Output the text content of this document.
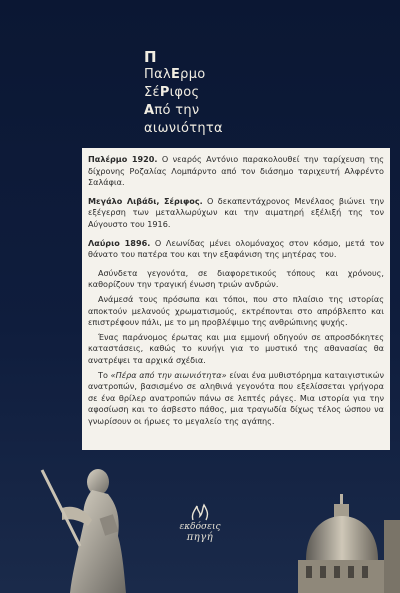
Π
ΠαλΕρμο
ΣέΡιφος
Από την
αιωνιότητα

Παλέρμο 1920. Ο νεαρός Αντόνιο παρακολουθεί την ταρίχευση της δίχρονης Ροζαλίας Λομπάρντο από τον διάσημο ταριχευτή Αλφρέντο Σαλάφια.

Μεγάλο Λιβάδι, Σέριφος. Ο δεκαπεντάχρονος Μενέλαος βιώνει την εξέγερση των μεταλλωρύχων και την αιματηρή εξέλιξή της τον Αύγουστο του 1916.

Λαύριο 1896. Ο Λεωνίδας μένει ολομόναχος στον κόσμο, μετά τον θάνατο του πατέρα του και την εξαφάνιση της μητέρας του.

Ασύνδετα γεγονότα, σε διαφορετικούς τόπους και χρόνους, καθορίζουν την τραγική ένωση τριών ανδρών.

Ανάμεσά τους πρόσωπα και τόποι, που στο πλαίσιο της ιστορίας αποκτούν μελανούς χρωματισμούς, εκτρέπονται στο απρόβλεπτο και επιστρέφουν πάλι, με το μη προβλέψιμο της ανθρώπινης ψυχής.

Ένας παράνομος έρωτας και μια εμμονή οδηγούν σε απροσδόκητες καταστάσεις, καθώς το κυνήγι για το μυστικό της αθανασίας θα ανατρέψει τα αρχικά σχέδια.

Το «Πέρα από την αιωνιότητα» είναι ένα μυθιστόρημα καταιγιστικών ανατροπών, βασισμένο σε αληθινά γεγονότα που εξελίσσεται γρήγορα σε ένα θρίλερ ανατροπών πάνω σε λεπτές ράγες. Μια ιστορία για την αφοσίωση και το άσβεστο πάθος, μια τραγωδία δίχως τέλος ώσπου να γνωρίσουν οι ήρωες το μεγαλείο της αγάπης.

εκδόσεις
πηγή
